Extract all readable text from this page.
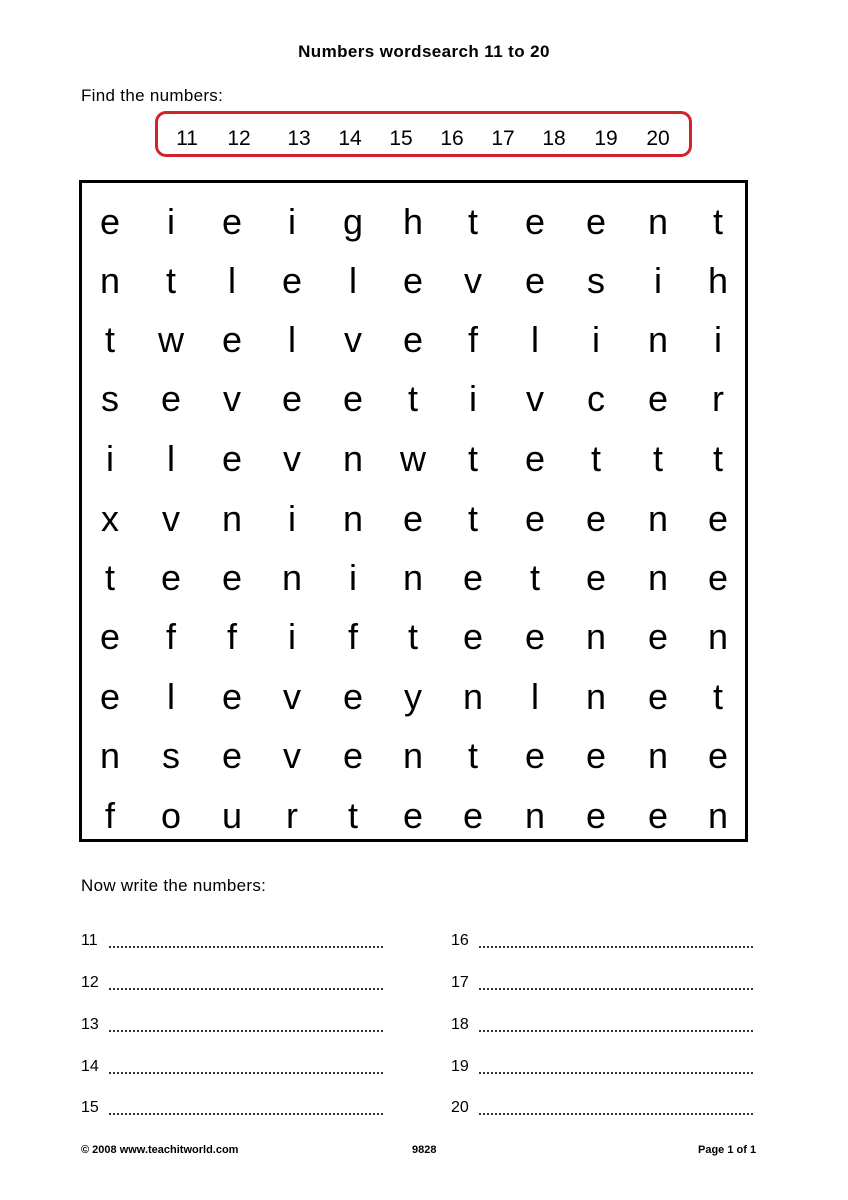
Numbers wordsearch 11 to 20
Find the numbers:
11 12 13 14 15 16 17 18 19 20
e	i	e	i	g	h	t	e	e	n	t
n	t	l	e	l	e	v	e	s	i	h
t	w	e	l	v	e	f	l	i	n	i
s	e	v	e	e	t	i	v	c	e	r
i	l	e	v	n	w	t	e	t	t	t
x	v	n	i	n	e	t	e	e	n	e
t	e	e	n	i	n	e	t	e	n	e
e	f	f	i	f	t	e	e	n	e	n
e	l	e	v	e	y	n	l	n	e	t
n	s	e	v	e	n	t	e	e	n	e
f	o	u	r	t	e	e	n	e	e	n
Now write the numbers:
11
12
13
14
15
16
17
18
19
20
© 2008 www.teachitworld.com	9828	Page 1 of 1
